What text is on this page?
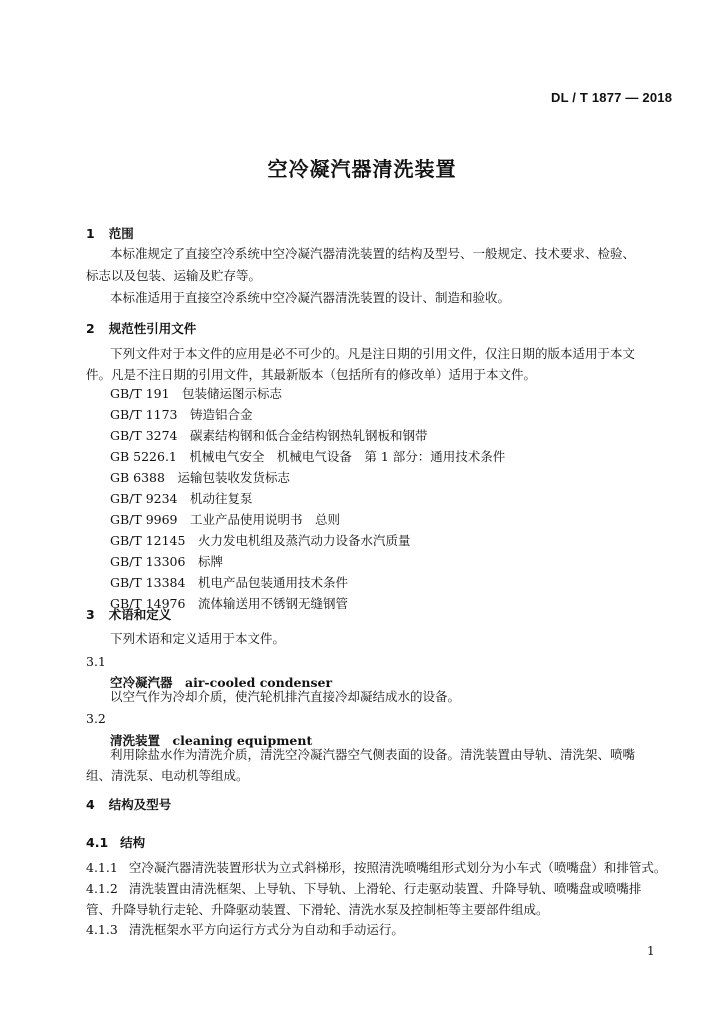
DL / T 1877 — 2018
空冷凝汽器清洗装置
1 范围
本标准规定了直接空冷系统中空冷凝汽器清洗装置的结构及型号、一般规定、技术要求、检验、
标志以及包装、运输及贮存等。
本标准适用于直接空冷系统中空冷凝汽器清洗装置的设计、制造和验收。
2 规范性引用文件
下列文件对于本文件的应用是必不可少的。凡是注日期的引用文件，仅注日期的版本适用于本文
件。凡是不注日期的引用文件，其最新版本（包括所有的修改单）适用于本文件。
GB/T 191　包装储运图示标志
GB/T 1173　铸造铝合金
GB/T 3274　碳素结构钢和低合金结构钢热轧钢板和钢带
GB 5226.1　机械电气安全　机械电气设备　第 1 部分：通用技术条件
GB 6388　运输包装收发货标志
GB/T 9234　机动往复泵
GB/T 9969　工业产品使用说明书　总则
GB/T 12145　火力发电机组及蒸汽动力设备水汽质量
GB/T 13306　标牌
GB/T 13384　机电产品包装通用技术条件
GB/T 14976　流体输送用不锈钢无缝钢管
3 术语和定义
下列术语和定义适用于本文件。
3.1
空冷凝汽器　air-cooled condenser
以空气作为冷却介质，使汽轮机排汽直接冷却凝结成水的设备。
3.2
清洗装置　cleaning equipment
利用除盐水作为清洗介质，清洗空冷凝汽器空气侧表面的设备。清洗装置由导轨、清洗架、喷嘴
组、清洗泵、电动机等组成。
4 结构及型号
4.1 结构
4.1.1 空冷凝汽器清洗装置形状为立式斜梯形，按照清洗喷嘴组形式划分为小车式（喷嘴盘）和排管式。
4.1.2 清洗装置由清洗框架、上导轨、下导轨、上滑轮、行走驱动装置、升降导轨、喷嘴盘或喷嘴排
管、升降导轨行走轮、升降驱动装置、下滑轮、清洗水泵及控制柜等主要部件组成。
4.1.3 清洗框架水平方向运行方式分为自动和手动运行。
1
